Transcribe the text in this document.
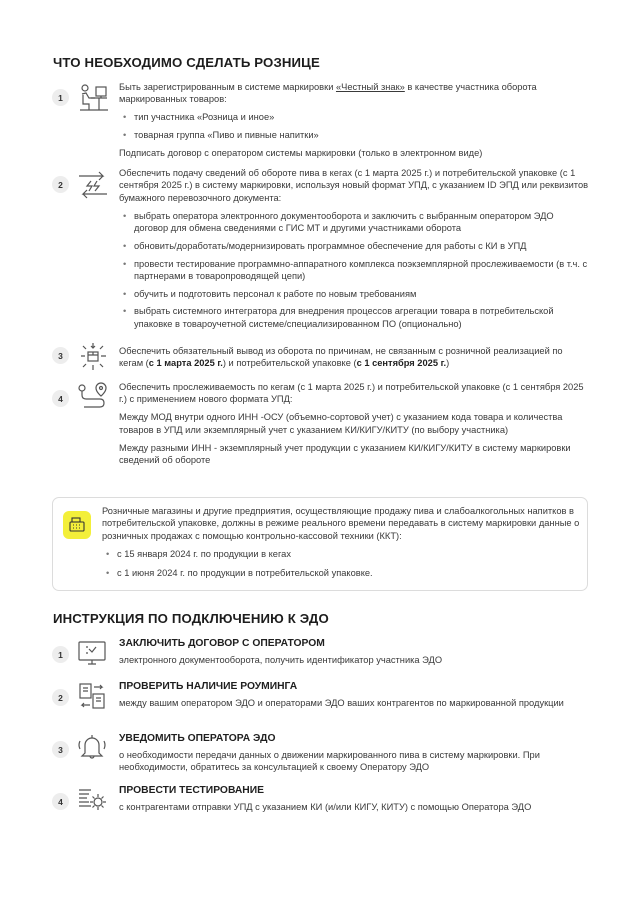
ЧТО НЕОБХОДИМО СДЕЛАТЬ РОЗНИЦЕ
1

Быть зарегистрированным в системе маркировки «Честный знак» в качестве участника оборота маркированных товаров:

• тип участника «Розница и иное»
• товарная группа «Пиво и пивные напитки»

Подписать договор с оператором системы маркировки (только в электронном виде)

2

Обеспечить подачу сведений об обороте пива в кегах (с 1 марта 2025 г.) и потребительской упаковке (с 1 сентября 2025 г.) в систему маркировки, используя новый формат УПД, с указанием ID ЭПД или реквизитов бумажного перевозочного документа:

• выбрать оператора электронного документооборота и заключить с выбранным оператором ЭДО договор для обмена сведениями с ГИС МТ и другими участниками оборота
• обновить/доработать/модернизировать программное обеспечение для работы с КИ в УПД
• провести тестирование программно-аппаратного комплекса поэкземплярной прослеживаемости (в т.ч. с партнерами в товаропроводящей цепи)
• обучить и подготовить персонал к работе по новым требованиям
• выбрать системного интегратора для внедрения процессов агрегации товара в потребительской упаковке в товароучетной системе/специализированном ПО (опционально)
3	Обеспечить обязательный вывод из оборота по причинам, не связанным с розничной реализацией по кегам (с 1 марта 2025 г.) и потребительской упаковке (с 1 сентября 2025 г.)

4

Обеспечить прослеживаемость по кегам (с 1 марта 2025 г.) и потребительской упаковке (с 1 сентября 2025 г.) с применением нового формата УПД:

Между МОД внутри одного ИНН -ОСУ (объемно-сортовой учет) с указанием кода товара и количества товаров в УПД или экземплярный учет с указанием КИ/КИГУ/КИТУ (по выбору участника)

Между разными ИНН - экземплярный учет продукции с указанием КИ/КИГУ/КИТУ в систему маркировки сведений об обороте

Розничные магазины и другие предприятия, осуществляющие продажу пива и слабоалкогольных напитков в потребительской упаковке, должны в режиме реального времени передавать в систему маркировки данные о розничных продажах с помощью контрольно-кассовой техники (ККТ):

• с 15 января 2024 г. по продукции в кегах
• с 1 июня 2024 г. по продукции в потребительской упаковке.
ИНСТРУКЦИЯ ПО ПОДКЛЮЧЕНИЮ К ЭДО
1
ЗАКЛЮЧИТЬ ДОГОВОР С ОПЕРАТОРОМ
электронного документооборота, получить идентификатор участника ЭДО
2
ПРОВЕРИТЬ НАЛИЧИЕ РОУМИНГА
между вашим оператором ЭДО и операторами ЭДО ваших контрагентов по маркированной продукции
3
УВЕДОМИТЬ ОПЕРАТОРА ЭДО
о необходимости передачи данных о движении маркированного пива в систему маркировки. При необходимости, обратитесь за консультацией к своему Оператору ЭДО
4
ПРОВЕСТИ ТЕСТИРОВАНИЕ
с контрагентами отправки УПД с указанием КИ (и/или КИГУ, КИТУ) с помощью Оператора ЭДО
